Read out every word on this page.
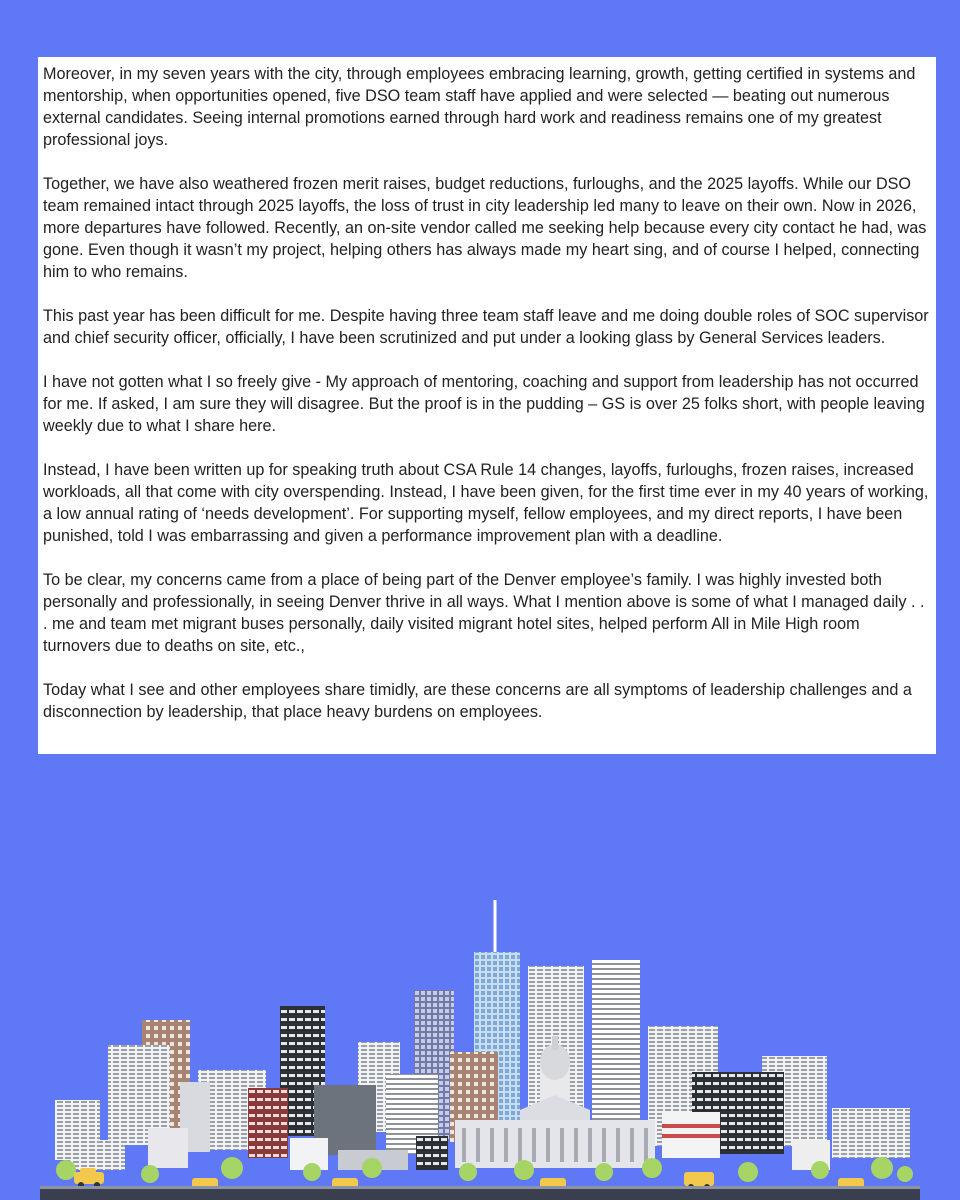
Moreover, in my seven years with the city, through employees embracing learning, growth, getting certified in systems and mentorship, when opportunities opened, five DSO team staff have applied and were selected — beating out numerous external candidates. Seeing internal promotions earned through hard work and readiness remains one of my greatest professional joys.

Together, we have also weathered frozen merit raises, budget reductions, furloughs, and the 2025 layoffs. While our DSO team remained intact through 2025 layoffs, the loss of trust in city leadership led many to leave on their own. Now in 2026, more departures have followed. Recently, an on-site vendor called me seeking help because every city contact he had, was gone. Even though it wasn’t my project, helping others has always made my heart sing, and of course I helped, connecting him to who remains.

This past year has been difficult for me. Despite having three team staff leave and me doing double roles of SOC supervisor and chief security officer, officially, I have been scrutinized and put under a looking glass by General Services leaders.

I have not gotten what I so freely give - My approach of mentoring, coaching and support from leadership has not occurred for me. If asked, I am sure they will disagree. But the proof is in the pudding – GS is over 25 folks short, with people leaving weekly due to what I share here.

Instead, I have been written up for speaking truth about CSA Rule 14 changes, layoffs, furloughs, frozen raises, increased workloads, all that come with city overspending. Instead, I have been given, for the first time ever in my 40 years of working, a low annual rating of ‘needs development’. For supporting myself, fellow employees, and my direct reports, I have been punished, told I was embarrassing and given a performance improvement plan with a deadline.

To be clear, my concerns came from a place of being part of the Denver employee’s family. I was highly invested both personally and professionally, in seeing Denver thrive in all ways. What I mention above is some of what I managed daily . . . me and team met migrant buses personally, daily visited migrant hotel sites, helped perform All in Mile High room turnovers due to deaths on site, etc.,

Today what I see and other employees share timidly, are these concerns are all symptoms of leadership challenges and a disconnection by leadership, that place heavy burdens on employees.
